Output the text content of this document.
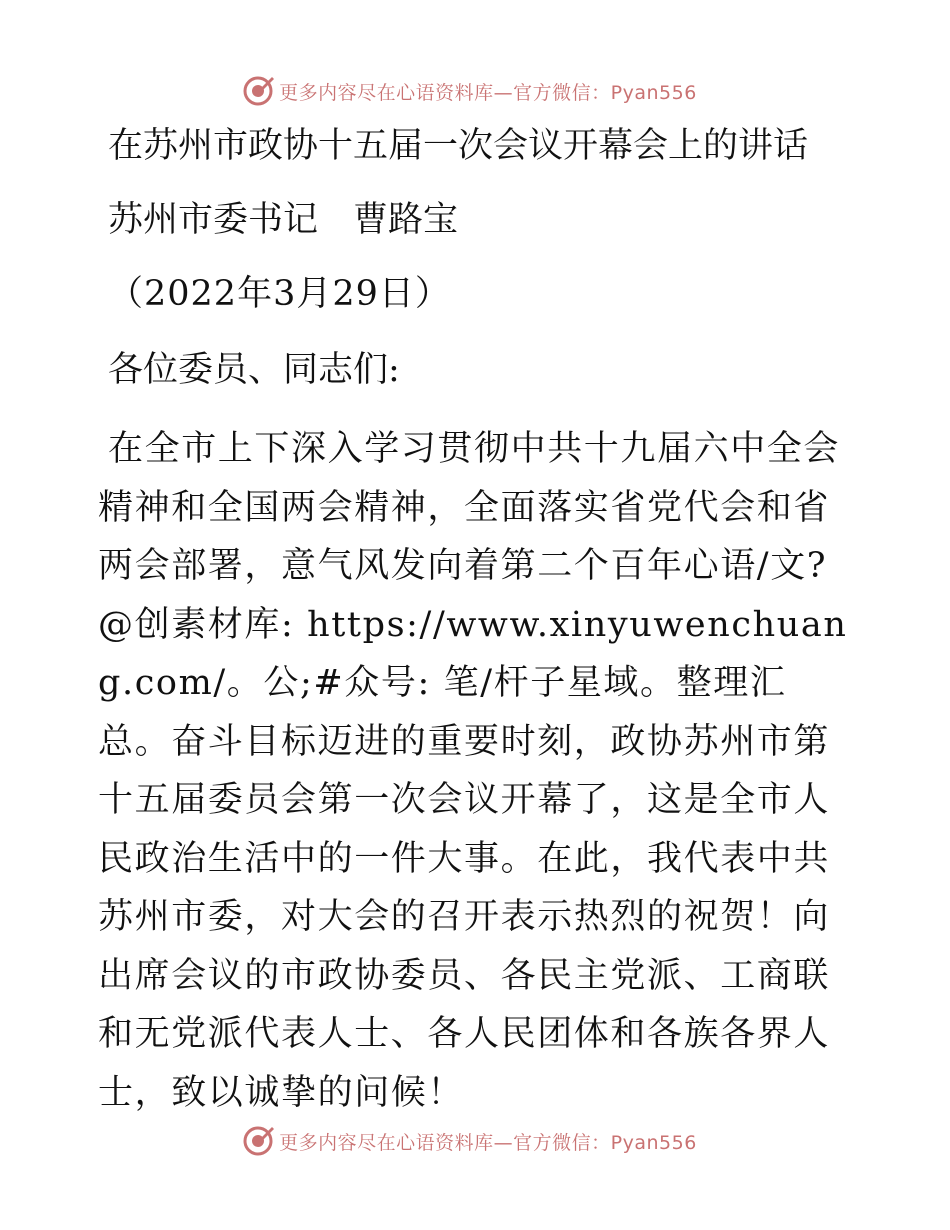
更多内容尽在心语资料库—官方微信：Pyan556
在苏州市政协十五届一次会议开幕会上的讲话
苏州市委书记　曹路宝
（2022年3月29日）
各位委员、同志们:
在全市上下深入学习贯彻中共十九届六中全会精神和全国两会精神，全面落实省党代会和省两会部署，意气风发向着第二个百年心语/文?@创素材库: https://www.xinyuwenchuang.com/。公;#众号: 笔/杆子星域。整理汇总。奋斗目标迈进的重要时刻，政协苏州市第十五届委员会第一次会议开幕了，这是全市人民政治生活中的一件大事。在此，我代表中共苏州市委，对大会的召开表示热烈的祝贺！向出席会议的市政协委员、各民主党派、工商联和无党派代表人士、各人民团体和各族各界人士，致以诚挚的问候！
更多内容尽在心语资料库—官方微信：Pyan556
